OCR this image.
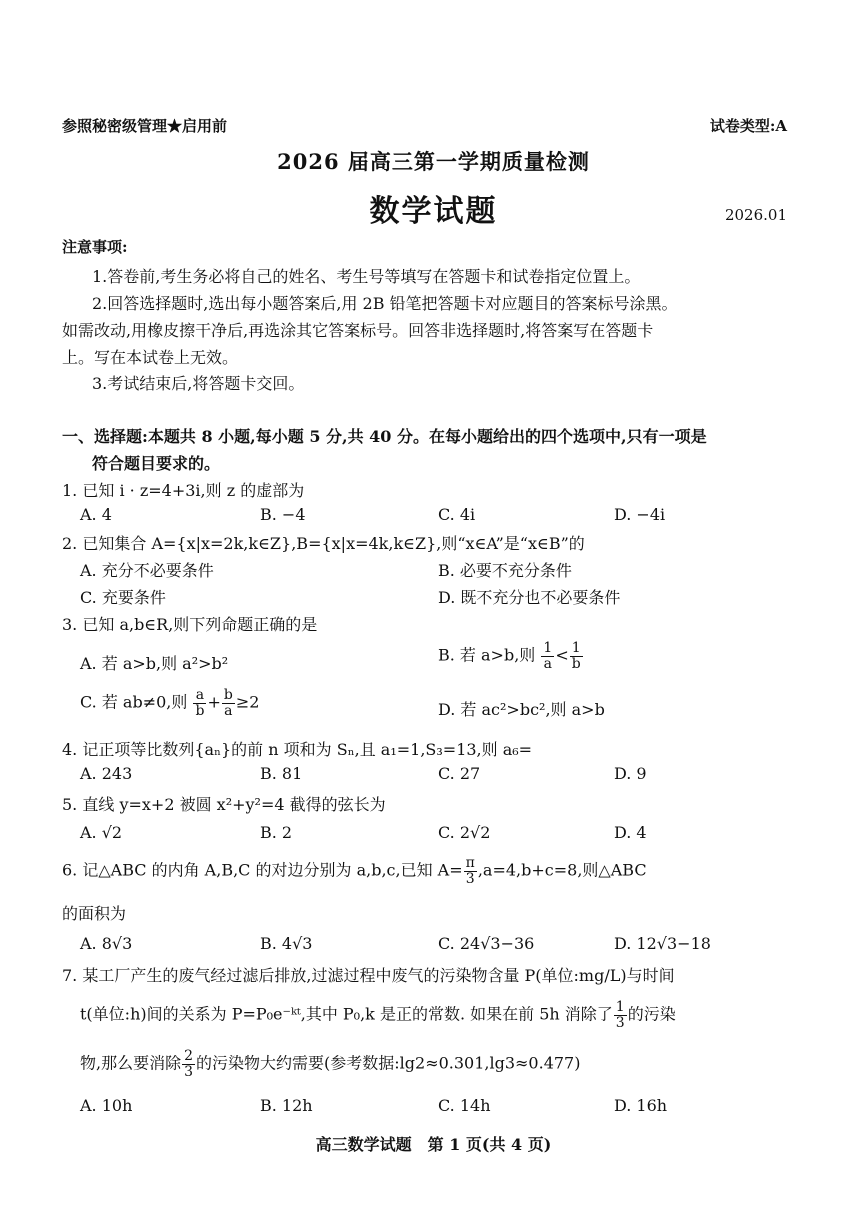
参照秘密级管理★启用前	试卷类型:A
2026 届高三第一学期质量检测
数学试题	2026.01
注意事项:
1.答卷前,考生务必将自己的姓名、考生号等填写在答题卡和试卷指定位置上。
2.回答选择题时,选出每小题答案后,用 2B 铅笔把答题卡对应题目的答案标号涂黑。
如需改动,用橡皮擦干净后,再选涂其它答案标号。回答非选择题时,将答案写在答题卡
上。写在本试卷上无效。
3.考试结束后,将答题卡交回。
一、选择题:本题共 8 小题,每小题 5 分,共 40 分。在每小题给出的四个选项中,只有一项是
符合题目要求的。
1. 已知 i · z=4+3i,则 z 的虚部为
A. 4	B. −4	C. 4i	D. −4i
2. 已知集合 A={x|x=2k,k∈Z},B={x|x=4k,k∈Z},则“x∈A”是“x∈B”的
A. 充分不必要条件	B. 必要不充分条件
C. 充要条件	D. 既不充分也不必要条件
3. 已知 a,b∈R,则下列命题正确的是
A. 若 a>b,则 a²>b²	B. 若 a>b,则 $\frac{1}{a} < \frac{1}{b}$
C. 若 ab≠0,则 $\frac{a}{b} + \frac{b}{a} \ge 2$	D. 若 ac²>bc²,则 a>b
4. 记正项等比数列{aₙ}的前 n 项和为 Sₙ,且 a₁=1,S₃=13,则 a₆=
A. 243	B. 81	C. 27	D. 9
5. 直线 y=x+2 被圆 x²+y²=4 截得的弦长为
A. √2	B. 2	C. 2√2	D. 4
6. 记△ABC 的内角 A,B,C 的对边分别为 a,b,c,已知 $A= \frac{\pi}{3} ,a=4,b+c=8$,则△ABC
的面积为
A. 8√3	B. 4√3	C. 24√3−36	D. 12√3−18
7. 某工厂产生的废气经过滤后排放,过滤过程中废气的污染物含量 P(单位:mg/L)与时间
t(单位:h)间的关系为 P=P₀e⁻ᵏᵗ,其中 P₀,k 是正的常数. 如果在前 5h 消除了 $\frac{1}{3}$ 的污染
物,那么要消除 $\frac{2}{3}$ 的污染物大约需要(参考数据:lg2≈0.301,lg3≈0.477)
A. 10h	B. 12h	C. 14h	D. 16h
高三数学试题　第 1 页(共 4 页)
